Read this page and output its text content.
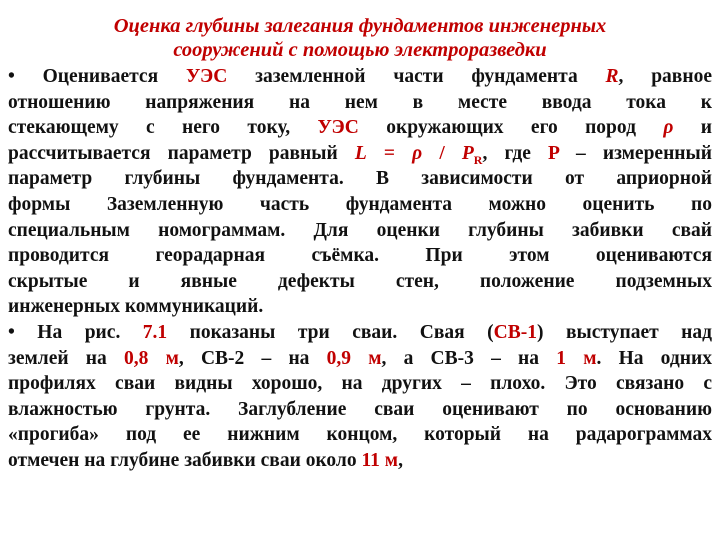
Оценка глубины залегания фундаментов инженерных
сооружений с помощью электроразведки
• Оценивается УЭС заземленной части фундамента R, равное
отношению напряжения на нем в месте ввода тока к
стекающему с него току, УЭС окружающих его пород ρ и
рассчитывается параметр равный $L = \rho / P_R$, где P – измеренный
параметр глубины фундамента. В зависимости от априорной
формы Заземленную часть фундамента можно оценить по
специальным номограммам. Для оценки глубины забивки свай
проводится георадарная съёмка. При этом оцениваются
скрытые и явные дефекты стен, положение подземных
инженерных коммуникаций.
• На рис. 7.1 показаны три сваи. Свая (СВ-1) выступает над
землей на 0,8 м, СВ-2 – на 0,9 м, а СВ-3 – на 1 м. На одних
профилях сваи видны хорошо, на других – плохо. Это связано с
влажностью грунта. Заглубление сваи оценивают по основанию
«прогиба» под ее нижним концом, который на радарограммах
отмечен на глубине забивки сваи около 11 м,
